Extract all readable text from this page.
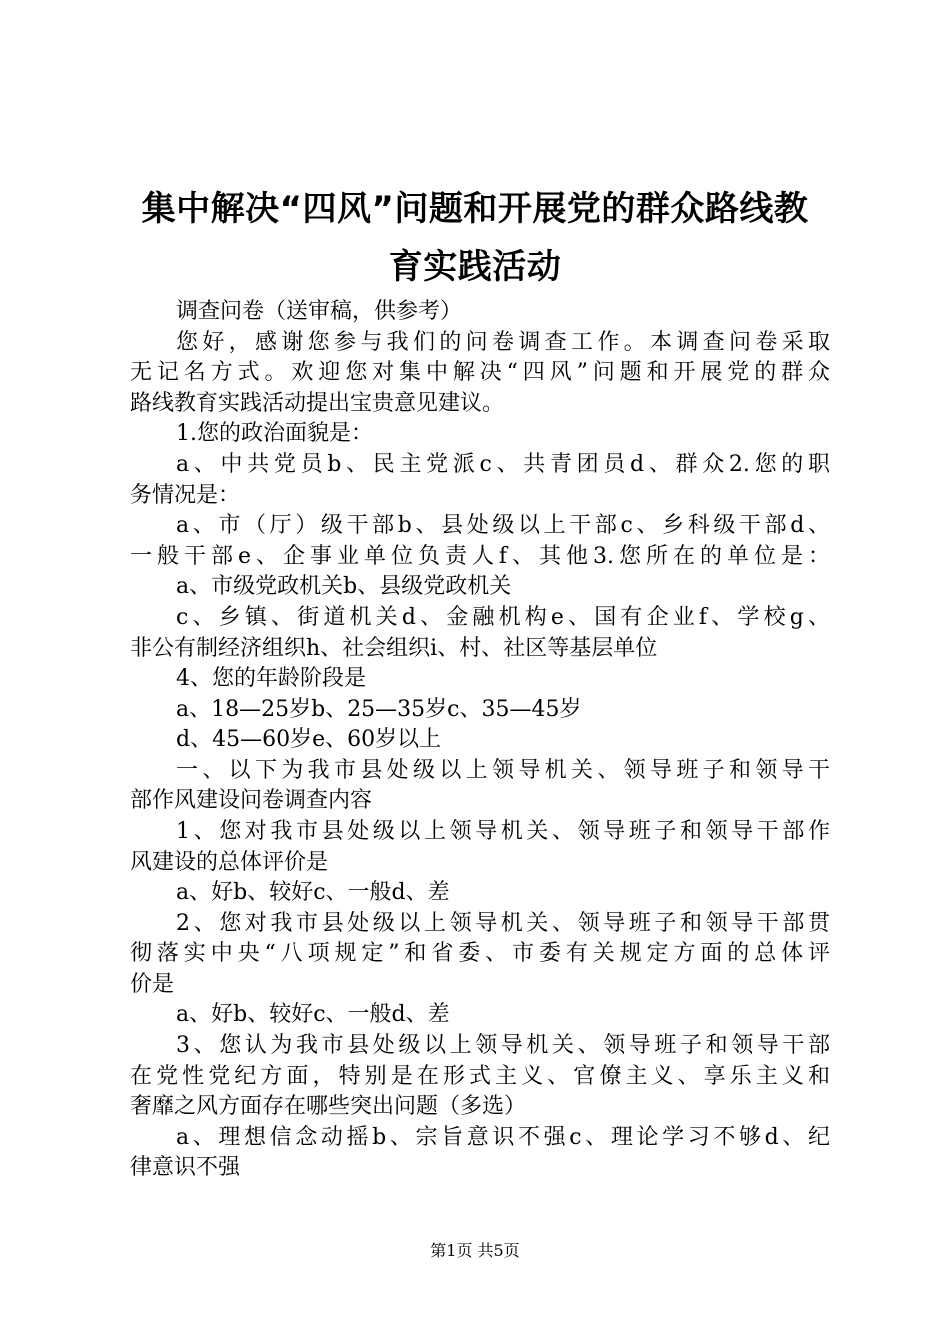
集中解决“四风”问题和开展党的群众路线教
育实践活动
调查问卷（送审稿，供参考）
您好，感谢您参与我们的问卷调查工作。本调查问卷采取
无记名方式。欢迎您对集中解决“四风”问题和开展党的群众
路线教育实践活动提出宝贵意见建议。
1.您的政治面貌是：
a、中共党员b、民主党派c、共青团员d、群众2.您的职
务情况是：
a、市（厅）级干部b、县处级以上干部c、乡科级干部d、
一般干部e、企事业单位负责人f、其他3.您所在的单位是：
a、市级党政机关b、县级党政机关
c、乡镇、街道机关d、金融机构e、国有企业f、学校g、
非公有制经济组织h、社会组织i、村、社区等基层单位
4、您的年龄阶段是
a、18—25岁b、25—35岁c、35—45岁
d、45—60岁e、60岁以上
一、以下为我市县处级以上领导机关、领导班子和领导干
部作风建设问卷调查内容
1、您对我市县处级以上领导机关、领导班子和领导干部作
风建设的总体评价是
a、好b、较好c、一般d、差
2、您对我市县处级以上领导机关、领导班子和领导干部贯
彻落实中央“八项规定”和省委、市委有关规定方面的总体评
价是
a、好b、较好c、一般d、差
3、您认为我市县处级以上领导机关、领导班子和领导干部
在党性党纪方面，特别是在形式主义、官僚主义、享乐主义和
奢靡之风方面存在哪些突出问题（多选）
a、理想信念动摇b、宗旨意识不强c、理论学习不够d、纪
律意识不强
第1页 共5页
